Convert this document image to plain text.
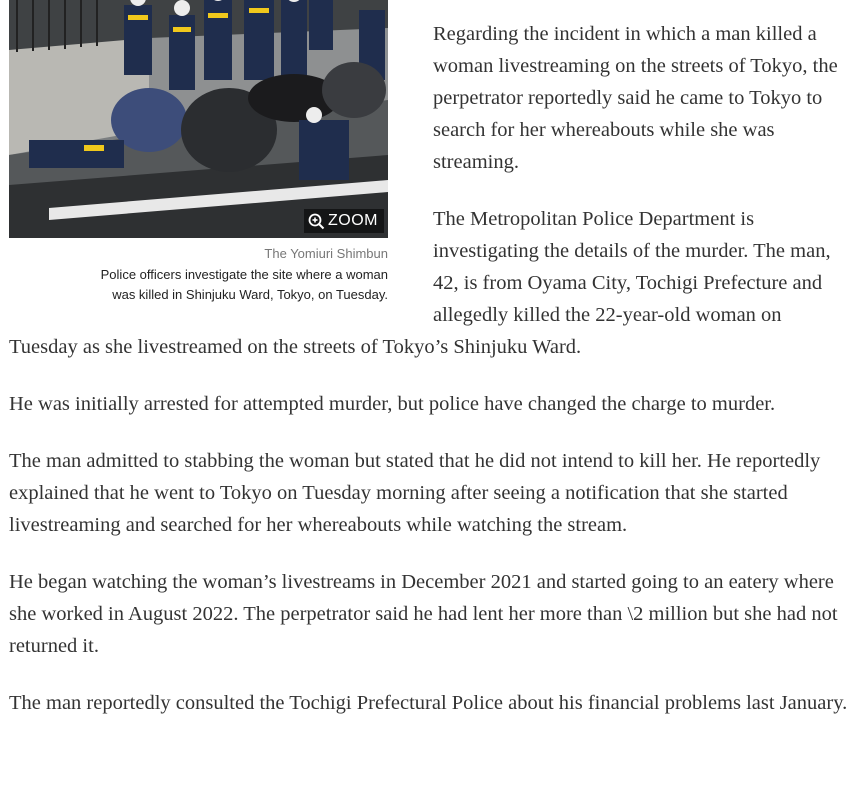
ZOOM
The Yomiuri Shimbun
Police officers investigate the site where a woman was killed in Shinjuku Ward, Tokyo, on Tuesday.

Regarding the incident in which a man killed a woman livestreaming on the streets of Tokyo, the perpetrator reportedly said he came to Tokyo to search for her whereabouts while she was streaming.

The Metropolitan Police Department is investigating the details of the murder. The man, 42, is from Oyama City, Tochigi Prefecture and allegedly killed the 22-year-old woman on Tuesday as she livestreamed on the streets of Tokyo’s Shinjuku Ward.

He was initially arrested for attempted murder, but police have changed the charge to murder.

The man admitted to stabbing the woman but stated that he did not intend to kill her. He reportedly explained that he went to Tokyo on Tuesday morning after seeing a notification that she started livestreaming and searched for her whereabouts while watching the stream.

He began watching the woman’s livestreams in December 2021 and started going to an eatery where she worked in August 2022. The perpetrator said he had lent her more than \2 million but she had not returned it.

The man reportedly consulted the Tochigi Prefectural Police about his financial problems last January.
